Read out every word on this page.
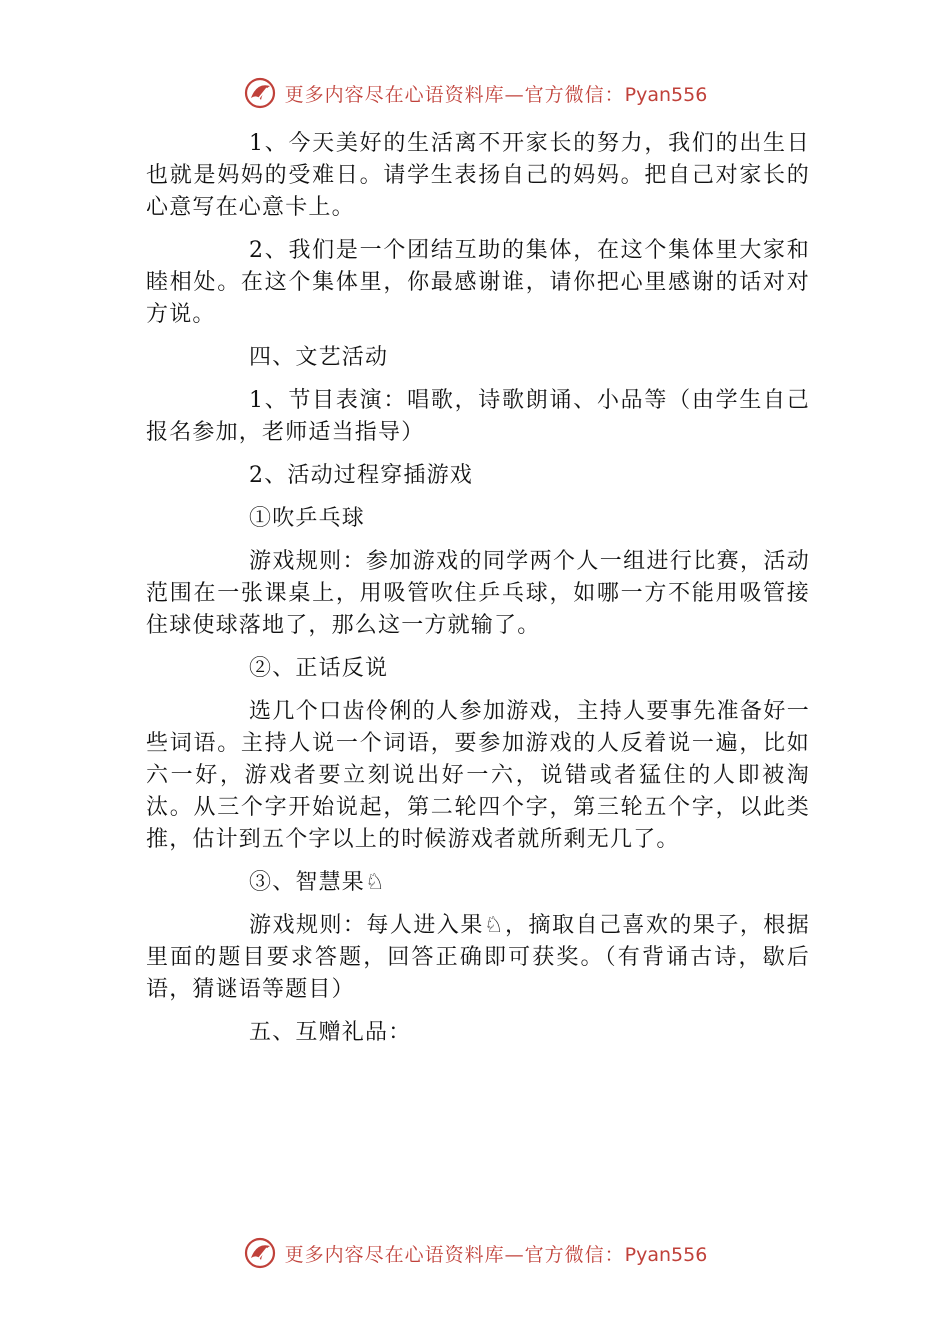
更多内容尽在心语资料库—官方微信：Pyan556

1、今天美好的生活离不开家长的努力，我们的出生日也就是妈妈的受难日。请学生表扬自己的妈妈。把自己对家长的心意写在心意卡上。

2、我们是一个团结互助的集体，在这个集体里大家和睦相处。在这个集体里，你最感谢谁，请你把心里感谢的话对对方说。

四、文艺活动

1、节目表演：唱歌，诗歌朗诵、小品等（由学生自己报名参加，老师适当指导）

2、活动过程穿插游戏

①吹乒乓球

游戏规则：参加游戏的同学两个人一组进行比赛，活动范围在一张课桌上，用吸管吹住乒乓球，如哪一方不能用吸管接住球使球落地了，那么这一方就输了。

②、正话反说

选几个口齿伶俐的人参加游戏，主持人要事先准备好一些词语。主持人说一个词语，要参加游戏的人反着说一遍，比如六一好，游戏者要立刻说出好一六，说错或者猛住的人即被淘汰。从三个字开始说起，第二轮四个字，第三轮五个字，以此类推，估计到五个字以上的时候游戏者就所剩无几了。

③、智慧果♘

游戏规则：每人进入果♘，摘取自己喜欢的果子，根据里面的题目要求答题，回答正确即可获奖。（有背诵古诗，歇后语，猜谜语等题目）

五、互赠礼品：

更多内容尽在心语资料库—官方微信：Pyan556
